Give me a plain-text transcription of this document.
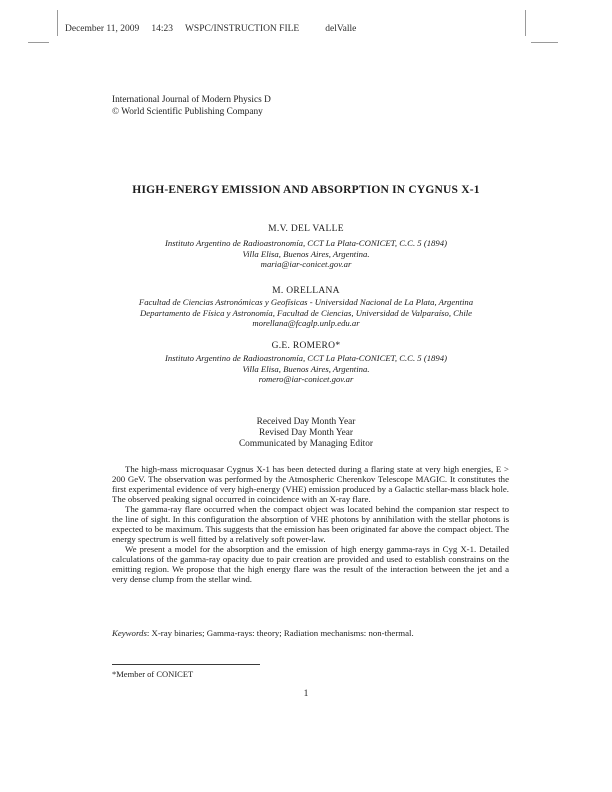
December 11, 2009 14:23 WSPC/INSTRUCTION FILE	delValle
International Journal of Modern Physics D
© World Scientific Publishing Company
HIGH-ENERGY EMISSION AND ABSORPTION IN CYGNUS X-1
M.V. DEL VALLE
Instituto Argentino de Radioastronomía, CCT La Plata-CONICET, C.C. 5 (1894)
Villa Elisa, Buenos Aires, Argentina.
maria@iar-conicet.gov.ar
M. ORELLANA
Facultad de Ciencias Astronómicas y Geofísicas - Universidad Nacional de La Plata, Argentina
Departamento de Física y Astronomía, Facultad de Ciencias, Universidad de Valparaíso, Chile
morellana@fcaglp.unlp.edu.ar
G.E. ROMERO*
Instituto Argentino de Radioastronomía, CCT La Plata-CONICET, C.C. 5 (1894)
Villa Elisa, Buenos Aires, Argentina.
romero@iar-conicet.gov.ar
Received Day Month Year
Revised Day Month Year
Communicated by Managing Editor

The high-mass microquasar Cygnus X-1 has been detected during a flaring state at very high energies, E > 200 GeV. The observation was performed by the Atmospheric Cherenkov Telescope MAGIC. It constitutes the first experimental evidence of very high-energy (VHE) emission produced by a Galactic stellar-mass black hole. The observed peaking signal occurred in coincidence with an X-ray flare.

The gamma-ray flare occurred when the compact object was located behind the companion star respect to the line of sight. In this configuration the absorption of VHE photons by annihilation with the stellar photons is expected to be maximum. This suggests that the emission has been originated far above the compact object. The energy spectrum is well fitted by a relatively soft power-law.

We present a model for the absorption and the emission of high energy gamma-rays in Cyg X-1. Detailed calculations of the gamma-ray opacity due to pair creation are provided and used to establish constrains on the emitting region. We propose that the high energy flare was the result of the interaction between the jet and a very dense clump from the stellar wind.

Keywords: X-ray binaries; Gamma-rays: theory; Radiation mechanisms: non-thermal.
*Member of CONICET
1
